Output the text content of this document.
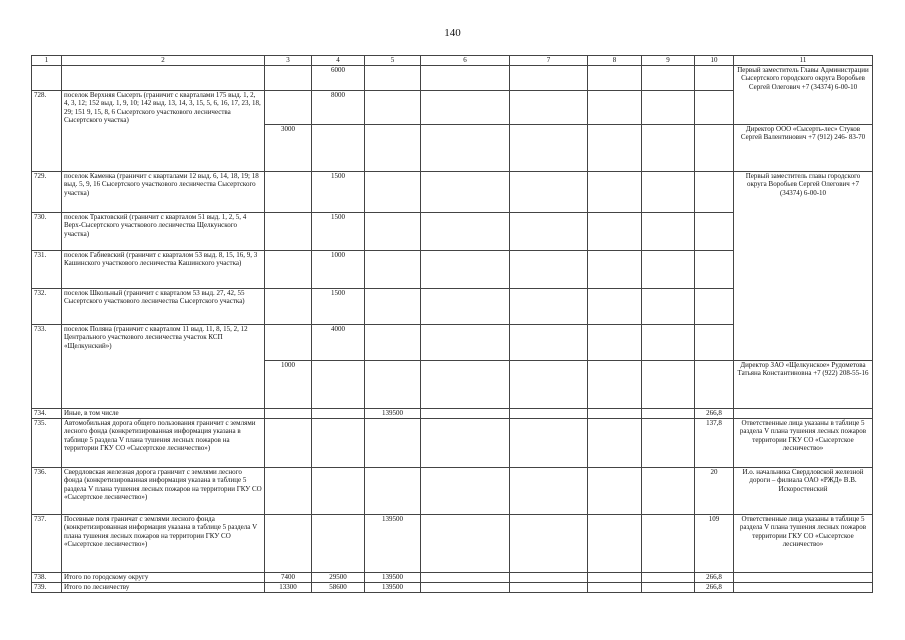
140
1	2	3	4	5	6	7	8	9	10	11
			6000							Первый заместитель Главы Администрации Сысертского городского округа Воробьев Сергей Олегович +7 (34374) 6-00-10
728.	поселок Верхняя Сысерть (граничит с кварталами 175 выд. 1, 2, 4, 3, 12; 152 выд. 1, 9, 10; 142 выд. 13, 14, 3, 15, 5, 6, 16, 17, 23, 18, 29; 151 9, 15, 8, 6 Сысертского участкового лесничества Сысертского участка)		8000							
		3000								Директор ООО «Сысерть-лес» Стуков Сергей Валентинович +7 (912) 246- 83-70
729.	поселок Каменка (граничит с кварталами 12 выд. 6, 14, 18, 19; 18 выд. 5, 9, 16 Сысертского участкового лесничества Сысертского участка)		1500							Первый заместитель главы городского округа Воробьев Сергей Олегович +7 (34374) 6-00-10
730.	поселок Трактовский (граничит с кварталом 51 выд. 1, 2, 5, 4 Верх-Сысертского участкового лесничества Щелкунского участка)		1500							
731.	поселок Габиевский (граничит с кварталом 53 выд. 8, 15, 16, 9, 3 Кашинского участкового лесничества Кашинского участка)		1000							
732.	поселок Школьный (граничит с кварталом 53 выд. 27, 42, 55 Сысертского участкового лесничества Сысертского участка)		1500							
733.	поселок Поляна (граничит с кварталом 11 выд. 11, 8, 15, 2, 12 Центрального участкового лесничества участок КСП «Щелкунский»)		4000							
		1000								Директор ЗАО «Щелкунское» Рудометова Татьяна Константиновна +7 (922) 208-55-16
734.	Иные, в том числе			139500					266,8	
735.	Автомобильная дорога общего пользования граничит с землями лесного фонда (конкретизированная информация указана в таблице 5 раздела V плана тушения лесных пожаров на территории ГКУ СО «Сысертское лесничество»)								137,8	Ответственные лица указаны в таблице 5 раздела V плана тушения лесных пожаров территории ГКУ СО «Сысертское лесничество»
736.	Свердловская железная дорога граничит с землями лесного фонда (конкретизированная информация указана в таблице 5 раздела V плана тушения лесных пожаров на территории ГКУ СО «Сысертское лесничество»)								20	И.о. начальника Свердловской железной дороги – филиала ОАО «РЖД» В.В. Искоростенский
737.	Посевные поля граничат с землями лесного фонда (конкретизированная информация указана в таблице 5 раздела V плана тушения лесных пожаров на территории ГКУ СО «Сысертское лесничество»)			139500					109	Ответственные лица указаны в таблице 5 раздела V плана тушения лесных пожаров территории ГКУ СО «Сысертское лесничество»
738.	Итого по городскому округу	7400	29500	139500					266,8	
739.	Итого по лесничеству	13300	58600	139500					266,8	
